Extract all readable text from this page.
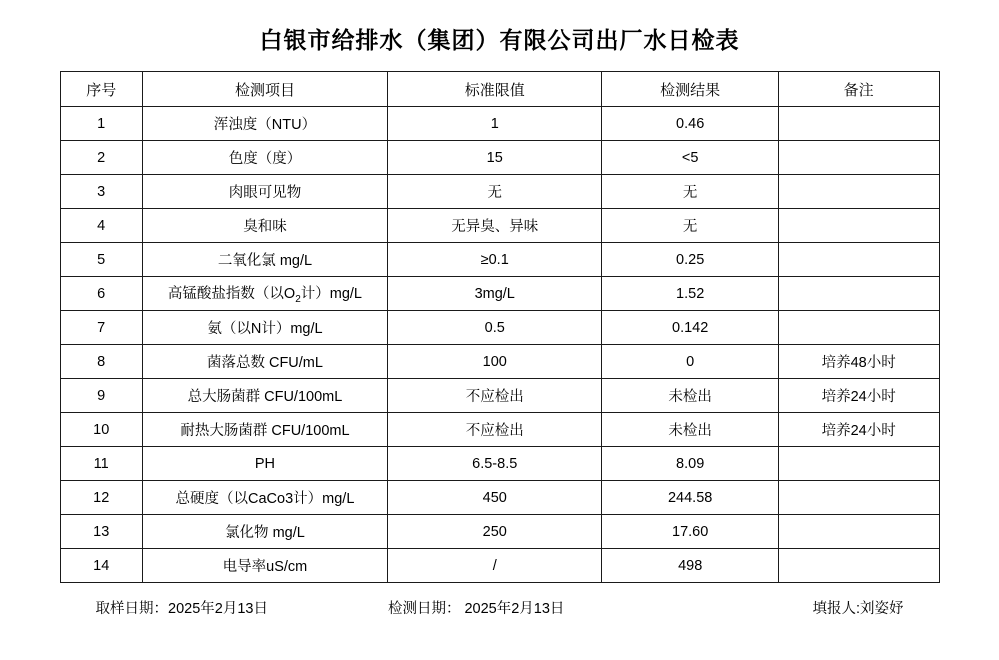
白银市给排水（集团）有限公司出厂水日检表
序号	检测项目	标准限值	检测结果	备注
1	浑浊度（NTU）	1	0.46	
2	色度（度）	15	<5	
3	肉眼可见物	无	无	
4	臭和味	无异臭、异味	无	
5	二氧化氯 mg/L	≥0.1	0.25	
6	高锰酸盐指数（以$O_2$计）mg/L	3mg/L	1.52	
7	氨（以N计）mg/L	0.5	0.142	
8	菌落总数 CFU/mL	100	0	培养48小时
9	总大肠菌群 CFU/100mL	不应检出	未检出	培养24小时
10	耐热大肠菌群 CFU/100mL	不应检出	未检出	培养24小时
11	PH	6.5-8.5	8.09	
12	总硬度（以CaCo3计）mg/L	450	244.58	
13	氯化物 mg/L	250	17.60	
14	电导率uS/cm	/	498	
取样日期：2025年2月13日	检测日期： 2025年2月13日	填报人:刘姿妤
